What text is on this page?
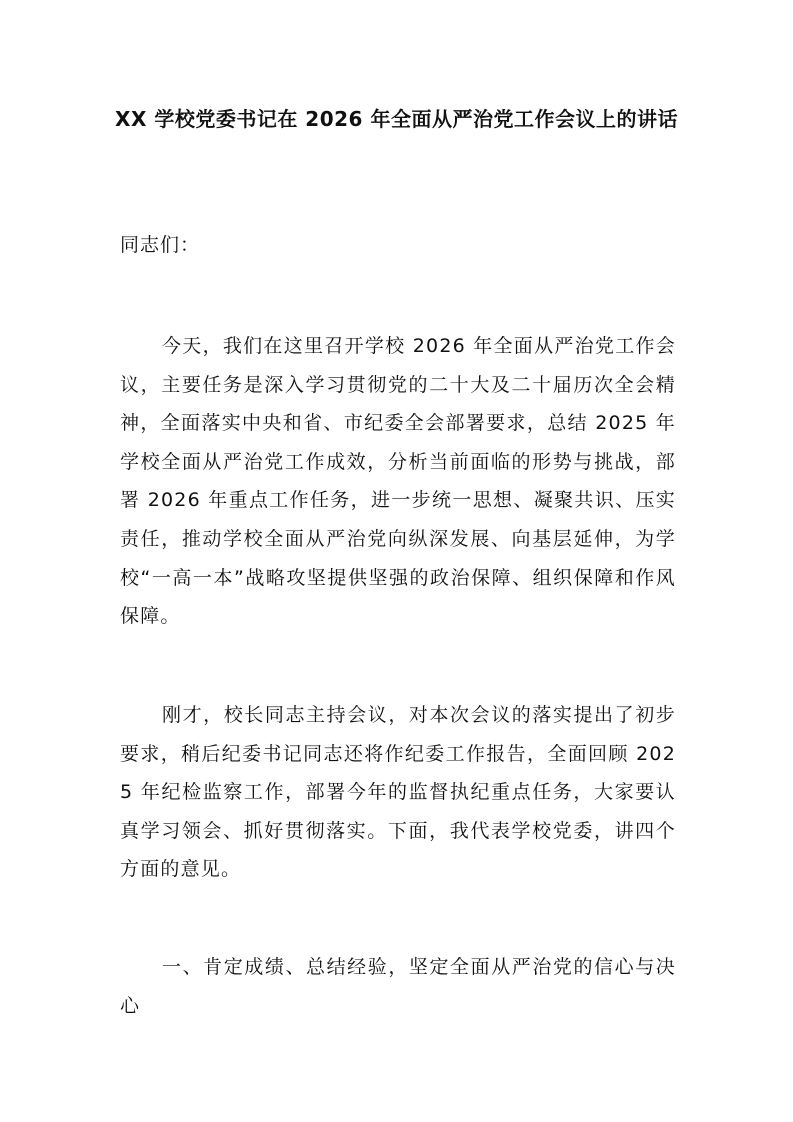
XX 学校党委书记在 2026 年全面从严治党工作会议上的讲话
同志们：

今天，我们在这里召开学校 2026 年全面从严治党工作会议，主要任务是深入学习贯彻党的二十大及二十届历次全会精神，全面落实中央和省、市纪委全会部署要求，总结 2025 年学校全面从严治党工作成效，分析当前面临的形势与挑战，部署 2026 年重点工作任务，进一步统一思想、凝聚共识、压实责任，推动学校全面从严治党向纵深发展、向基层延伸，为学校“一高一本”战略攻坚提供坚强的政治保障、组织保障和作风保障。

刚才，校长同志主持会议，对本次会议的落实提出了初步要求，稍后纪委书记同志还将作纪委工作报告，全面回顾 2025 年纪检监察工作，部署今年的监督执纪重点任务，大家要认真学习领会、抓好贯彻落实。下面，我代表学校党委，讲四个方面的意见。

一、肯定成绩、总结经验，坚定全面从严治党的信心与决心
